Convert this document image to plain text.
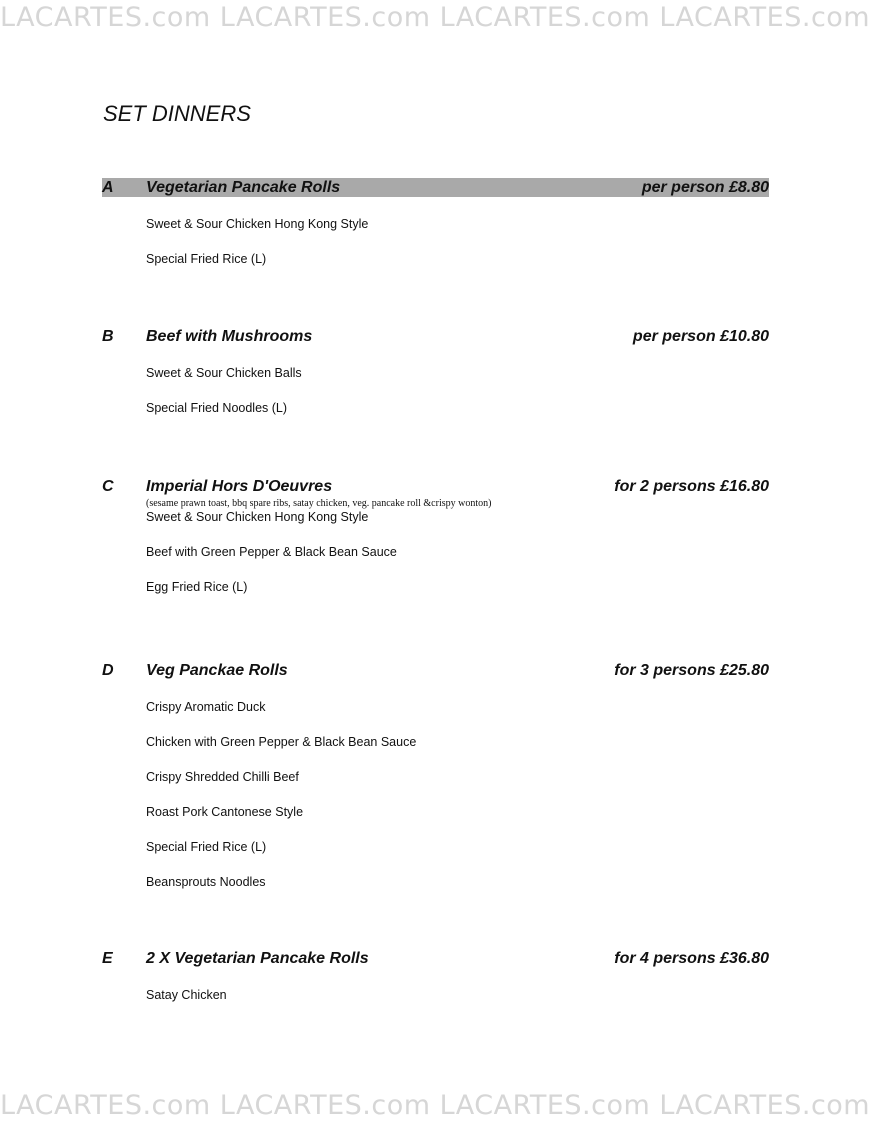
LACARTES.com LACARTES.com LACARTES.com LACARTES.com
SET DINNERS
A Vegetarian Pancake Rolls	per person £8.80
Sweet & Sour Chicken Hong Kong Style
Special Fried Rice (L)
B Beef with Mushrooms	per person £10.80
Sweet & Sour Chicken Balls
Special Fried Noodles (L)
C Imperial Hors D'Oeuvres	for 2 persons £16.80
(sesame prawn toast, bbq spare ribs, satay chicken, veg. pancake roll &crispy wonton)
Sweet & Sour Chicken Hong Kong Style
Beef with Green Pepper & Black Bean Sauce
Egg Fried Rice (L)
D Veg Panckae Rolls	for 3 persons £25.80
Crispy Aromatic Duck
Chicken with Green Pepper & Black Bean Sauce
Crispy Shredded Chilli Beef
Roast Pork Cantonese Style
Special Fried Rice (L)
Beansprouts Noodles
E 2 X Vegetarian Pancake Rolls	for 4 persons £36.80
Satay Chicken
LACARTES.com LACARTES.com LACARTES.com LACARTES.com
